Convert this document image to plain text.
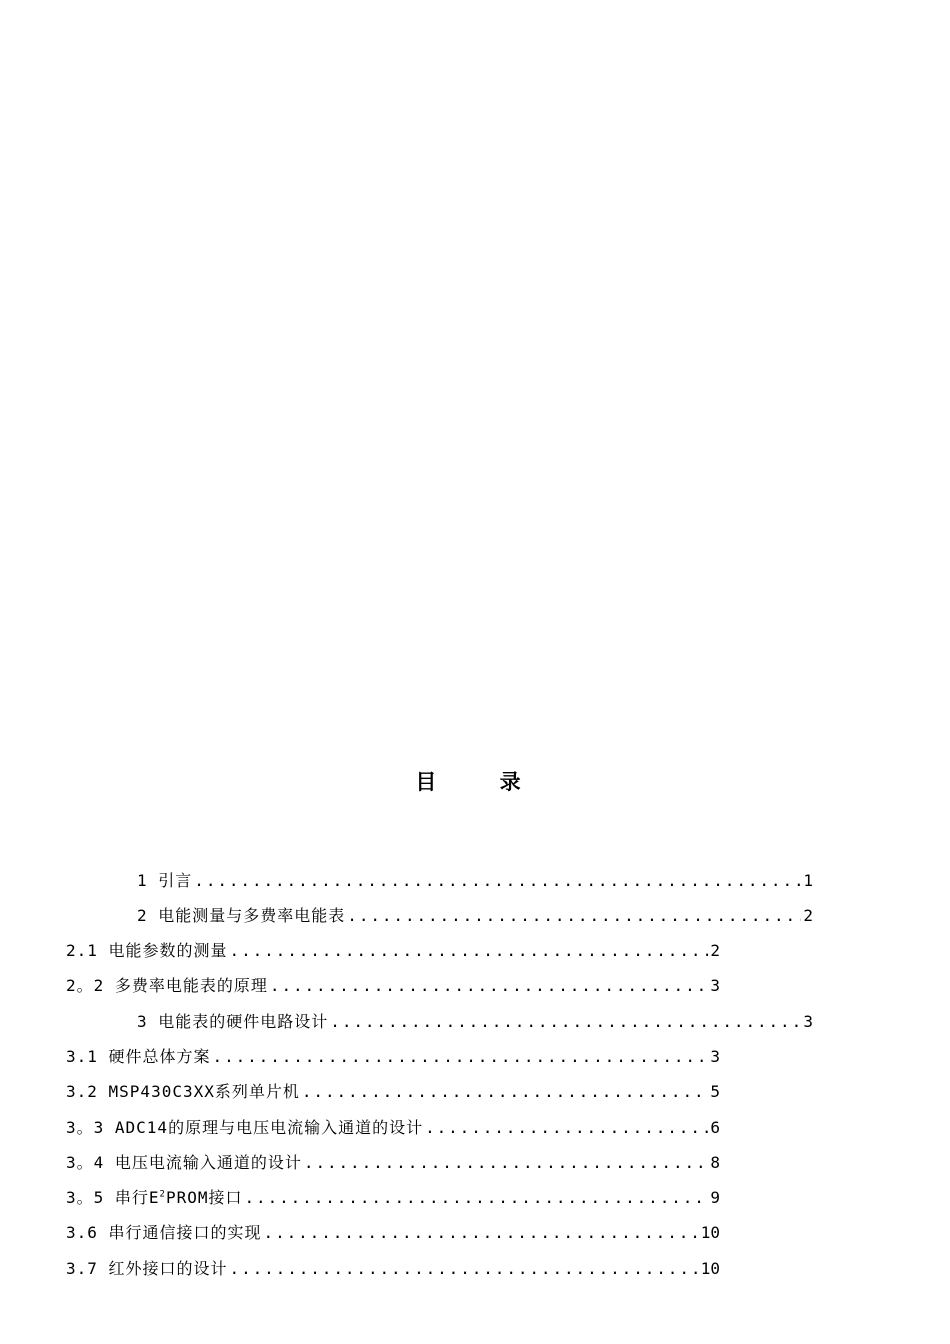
目 录
1 引言 .....	1
2 电能测量与多费率电能表 .....	2
2.1 电能参数的测量 .....	2
2。2 多费率电能表的原理 .....	3
3 电能表的硬件电路设计 .....	3
3.1 硬件总体方案 .....	3
3.2 MSP430C3XX系列单片机 .....	5
3。3 ADC14的原理与电压电流输入通道的设计 .....	6
3。4 电压电流输入通道的设计 .....	8
3。5 串行$E^2PROM$接口 .....	9
3.6 串行通信接口的实现 .....	10
3.7 红外接口的设计 .....	10
